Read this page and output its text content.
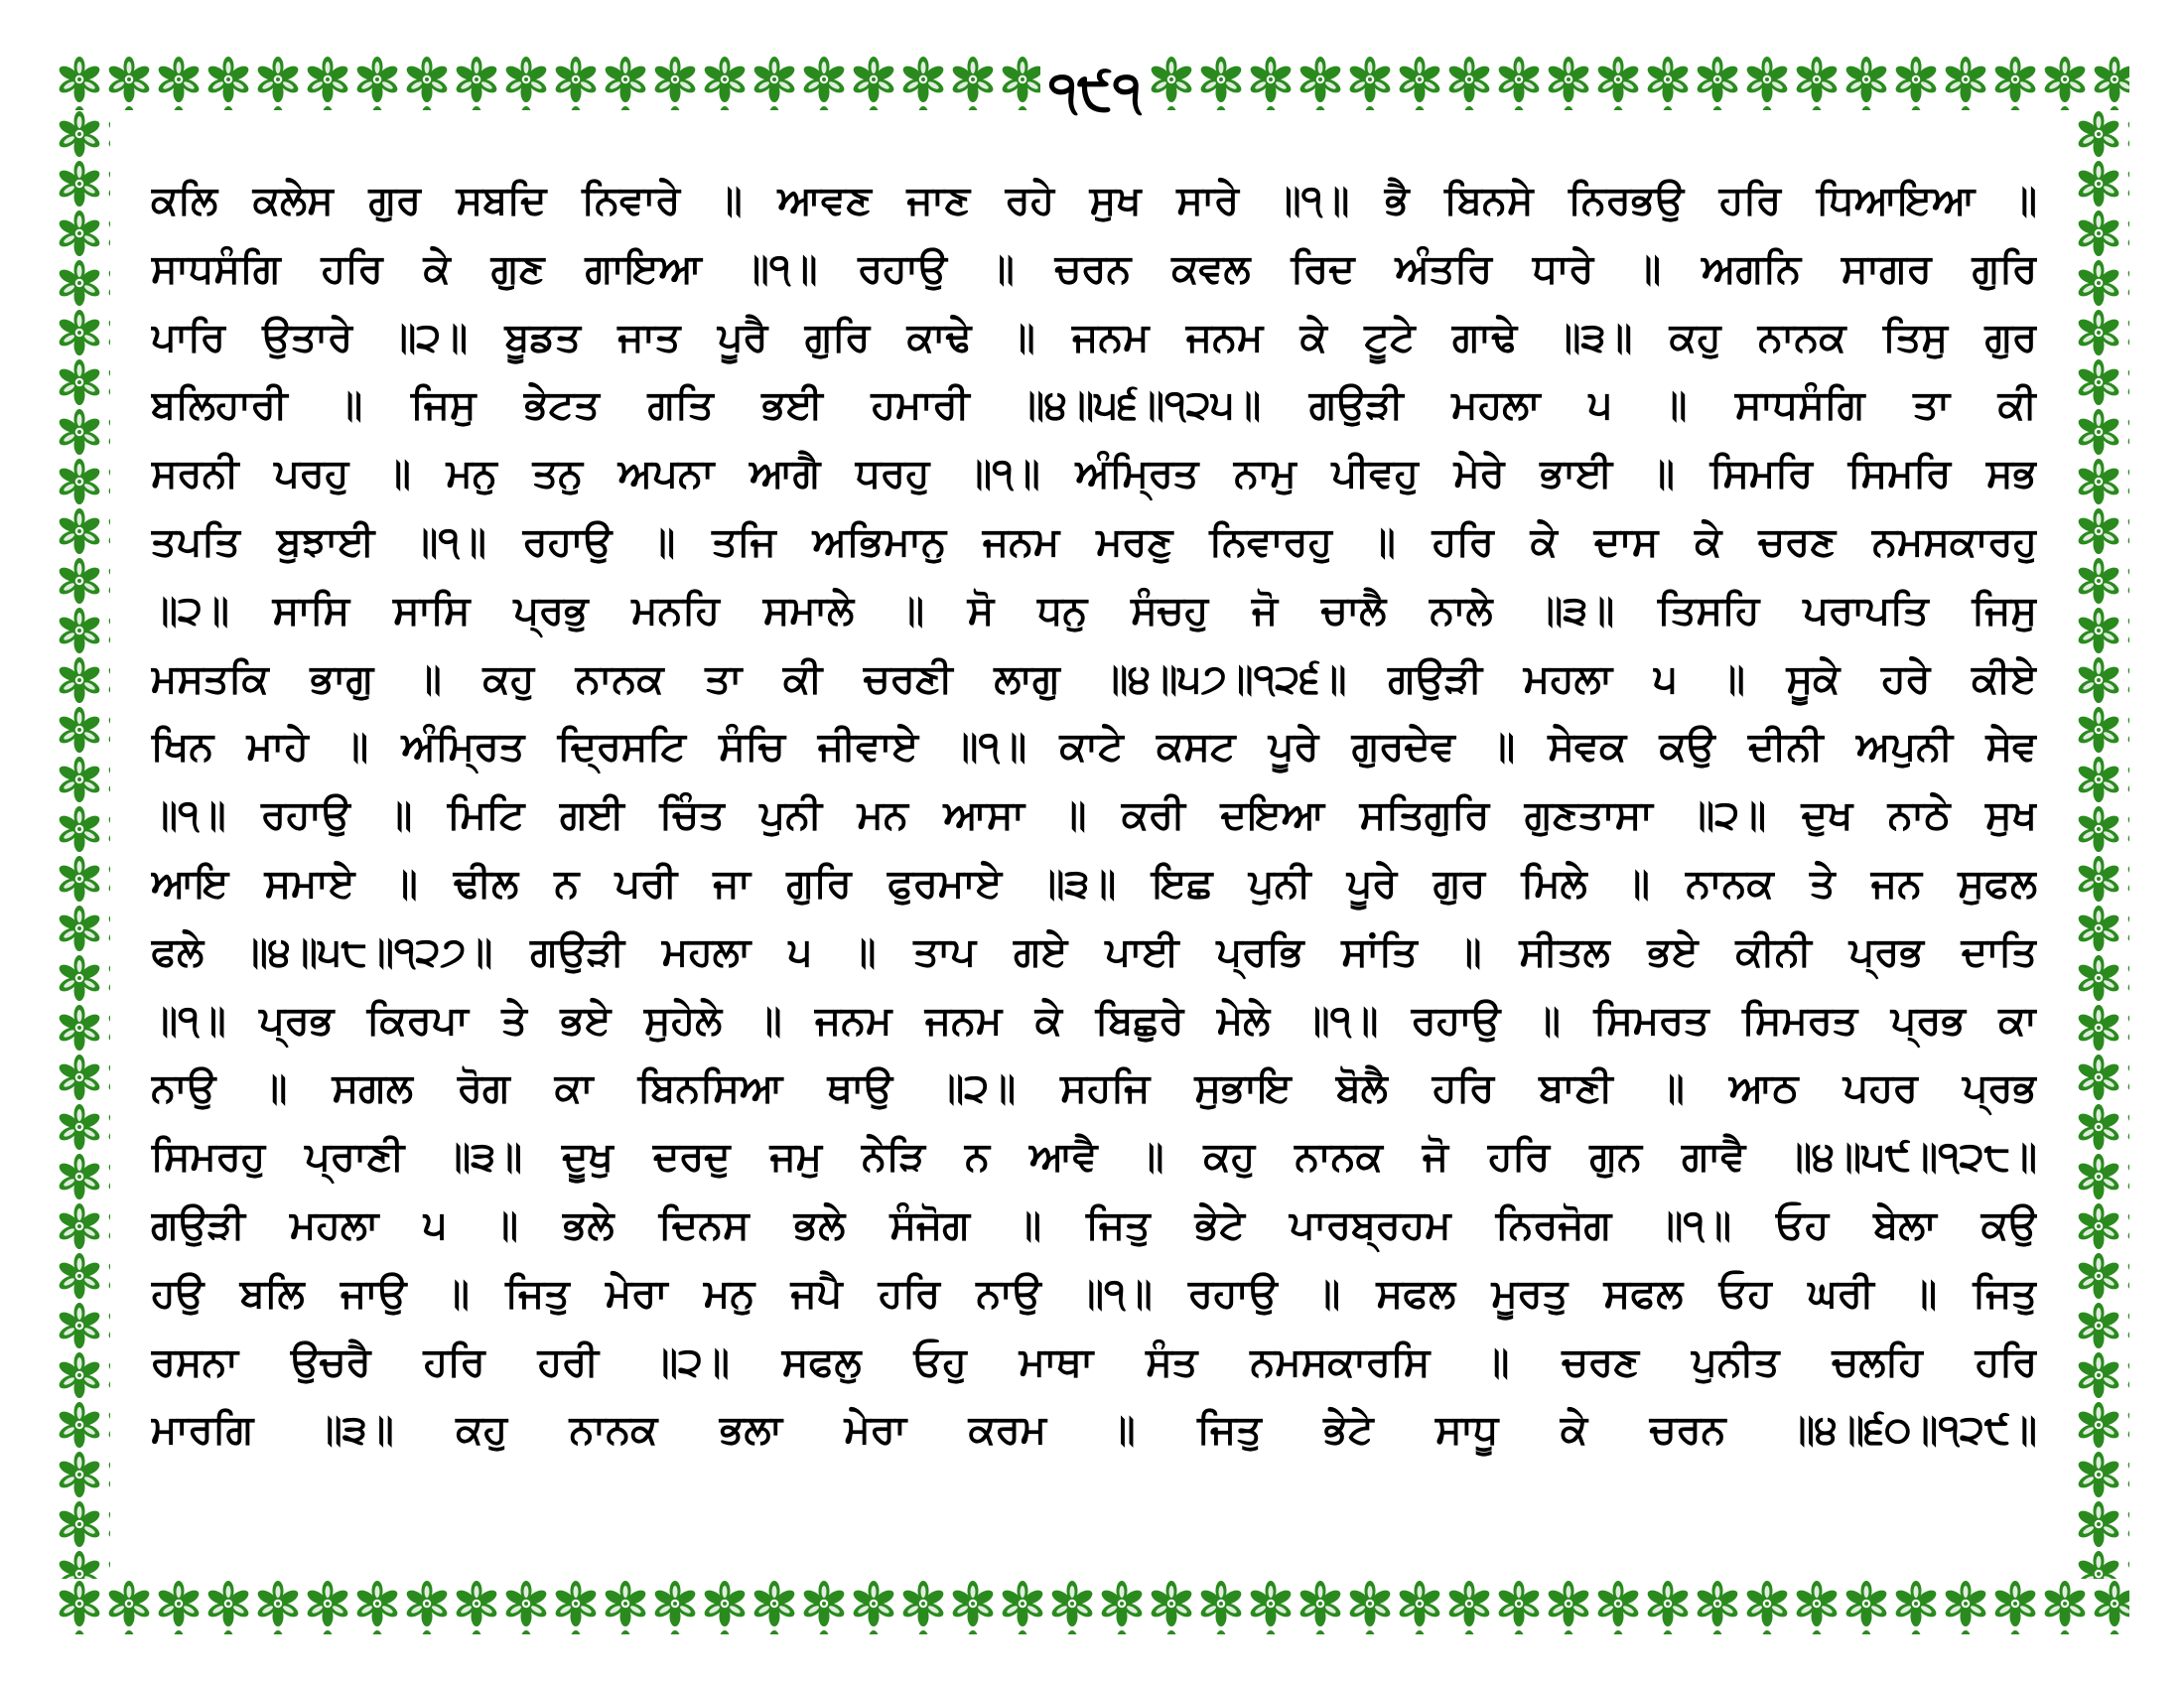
੧੯੧
ਕਲਿ ਕਲੇਸ ਗੁਰ ਸਬਦਿ ਨਿਵਾਰੇ ॥ ਆਵਣ ਜਾਣ ਰਹੇ ਸੁਖ ਸਾਰੇ ॥੧॥ ਭੈ ਬਿਨਸੇ ਨਿਰਭਉ ਹਰਿ ਧਿਆਇਆ ॥
ਸਾਧਸੰਗਿ ਹਰਿ ਕੇ ਗੁਣ ਗਾਇਆ ॥੧॥ ਰਹਾਉ ॥ ਚਰਨ ਕਵਲ ਰਿਦ ਅੰਤਰਿ ਧਾਰੇ ॥ ਅਗਨਿ ਸਾਗਰ ਗੁਰਿ
ਪਾਰਿ ਉਤਾਰੇ ॥੨॥ ਬੂਡਤ ਜਾਤ ਪੂਰੈ ਗੁਰਿ ਕਾਢੇ ॥ ਜਨਮ ਜਨਮ ਕੇ ਟੂਟੇ ਗਾਢੇ ॥੩॥ ਕਹੁ ਨਾਨਕ ਤਿਸੁ ਗੁਰ
ਬਲਿਹਾਰੀ ॥ ਜਿਸੁ ਭੇਟਤ ਗਤਿ ਭਈ ਹਮਾਰੀ ॥੪॥੫੬॥੧੨੫॥ ਗਉੜੀ ਮਹਲਾ ੫ ॥ ਸਾਧਸੰਗਿ ਤਾ ਕੀ
ਸਰਨੀ ਪਰਹੁ ॥ ਮਨੁ ਤਨੁ ਅਪਨਾ ਆਗੈ ਧਰਹੁ ॥੧॥ ਅੰਮ੍ਰਿਤ ਨਾਮੁ ਪੀਵਹੁ ਮੇਰੇ ਭਾਈ ॥ ਸਿਮਰਿ ਸਿਮਰਿ ਸਭ
ਤਪਤਿ ਬੁਝਾਈ ॥੧॥ ਰਹਾਉ ॥ ਤਜਿ ਅਭਿਮਾਨੁ ਜਨਮ ਮਰਣੁ ਨਿਵਾਰਹੁ ॥ ਹਰਿ ਕੇ ਦਾਸ ਕੇ ਚਰਣ ਨਮਸਕਾਰਹੁ
॥੨॥ ਸਾਸਿ ਸਾਸਿ ਪ੍ਰਭੁ ਮਨਹਿ ਸਮਾਲੇ ॥ ਸੋ ਧਨੁ ਸੰਚਹੁ ਜੋ ਚਾਲੈ ਨਾਲੇ ॥੩॥ ਤਿਸਹਿ ਪਰਾਪਤਿ ਜਿਸੁ
ਮਸਤਕਿ ਭਾਗੁ ॥ ਕਹੁ ਨਾਨਕ ਤਾ ਕੀ ਚਰਣੀ ਲਾਗੁ ॥੪॥੫੭॥੧੨੬॥ ਗਉੜੀ ਮਹਲਾ ੫ ॥ ਸੂਕੇ ਹਰੇ ਕੀਏ
ਖਿਨ ਮਾਹੇ ॥ ਅੰਮ੍ਰਿਤ ਦ੍ਰਿਸਟਿ ਸੰਚਿ ਜੀਵਾਏ ॥੧॥ ਕਾਟੇ ਕਸਟ ਪੂਰੇ ਗੁਰਦੇਵ ॥ ਸੇਵਕ ਕਉ ਦੀਨੀ ਅਪੁਨੀ ਸੇਵ
॥੧॥ ਰਹਾਉ ॥ ਮਿਟਿ ਗਈ ਚਿੰਤ ਪੁਨੀ ਮਨ ਆਸਾ ॥ ਕਰੀ ਦਇਆ ਸਤਿਗੁਰਿ ਗੁਣਤਾਸਾ ॥੨॥ ਦੁਖ ਨਾਠੇ ਸੁਖ
ਆਇ ਸਮਾਏ ॥ ਢੀਲ ਨ ਪਰੀ ਜਾ ਗੁਰਿ ਫੁਰਮਾਏ ॥੩॥ ਇਛ ਪੁਨੀ ਪੂਰੇ ਗੁਰ ਮਿਲੇ ॥ ਨਾਨਕ ਤੇ ਜਨ ਸੁਫਲ
ਫਲੇ ॥੪॥੫੮॥੧੨੭॥ ਗਉੜੀ ਮਹਲਾ ੫ ॥ ਤਾਪ ਗਏ ਪਾਈ ਪ੍ਰਭਿ ਸਾਂਤਿ ॥ ਸੀਤਲ ਭਏ ਕੀਨੀ ਪ੍ਰਭ ਦਾਤਿ
॥੧॥ ਪ੍ਰਭ ਕਿਰਪਾ ਤੇ ਭਏ ਸੁਹੇਲੇ ॥ ਜਨਮ ਜਨਮ ਕੇ ਬਿਛੁਰੇ ਮੇਲੇ ॥੧॥ ਰਹਾਉ ॥ ਸਿਮਰਤ ਸਿਮਰਤ ਪ੍ਰਭ ਕਾ
ਨਾਉ ॥ ਸਗਲ ਰੋਗ ਕਾ ਬਿਨਸਿਆ ਥਾਉ ॥੨॥ ਸਹਜਿ ਸੁਭਾਇ ਬੋਲੈ ਹਰਿ ਬਾਣੀ ॥ ਆਠ ਪਹਰ ਪ੍ਰਭ
ਸਿਮਰਹੁ ਪ੍ਰਾਣੀ ॥੩॥ ਦੂਖੁ ਦਰਦੁ ਜਮੁ ਨੇੜਿ ਨ ਆਵੈ ॥ ਕਹੁ ਨਾਨਕ ਜੋ ਹਰਿ ਗੁਨ ਗਾਵੈ ॥੪॥੫੯॥੧੨੮॥
ਗਉੜੀ ਮਹਲਾ ੫ ॥ ਭਲੇ ਦਿਨਸ ਭਲੇ ਸੰਜੋਗ ॥ ਜਿਤੁ ਭੇਟੇ ਪਾਰਬ੍ਰਹਮ ਨਿਰਜੋਗ ॥੧॥ ਓਹ ਬੇਲਾ ਕਉ
ਹਉ ਬਲਿ ਜਾਉ ॥ ਜਿਤੁ ਮੇਰਾ ਮਨੁ ਜਪੈ ਹਰਿ ਨਾਉ ॥੧॥ ਰਹਾਉ ॥ ਸਫਲ ਮੂਰਤੁ ਸਫਲ ਓਹ ਘਰੀ ॥ ਜਿਤੁ
ਰਸਨਾ ਉਚਰੈ ਹਰਿ ਹਰੀ ॥੨॥ ਸਫਲੁ ਓਹੁ ਮਾਥਾ ਸੰਤ ਨਮਸਕਾਰਸਿ ॥ ਚਰਣ ਪੁਨੀਤ ਚਲਹਿ ਹਰਿ
ਮਾਰਗਿ ॥੩॥ ਕਹੁ ਨਾਨਕ ਭਲਾ ਮੇਰਾ ਕਰਮ ॥ ਜਿਤੁ ਭੇਟੇ ਸਾਧੂ ਕੇ ਚਰਨ ॥੪॥੬੦॥੧੨੯॥
